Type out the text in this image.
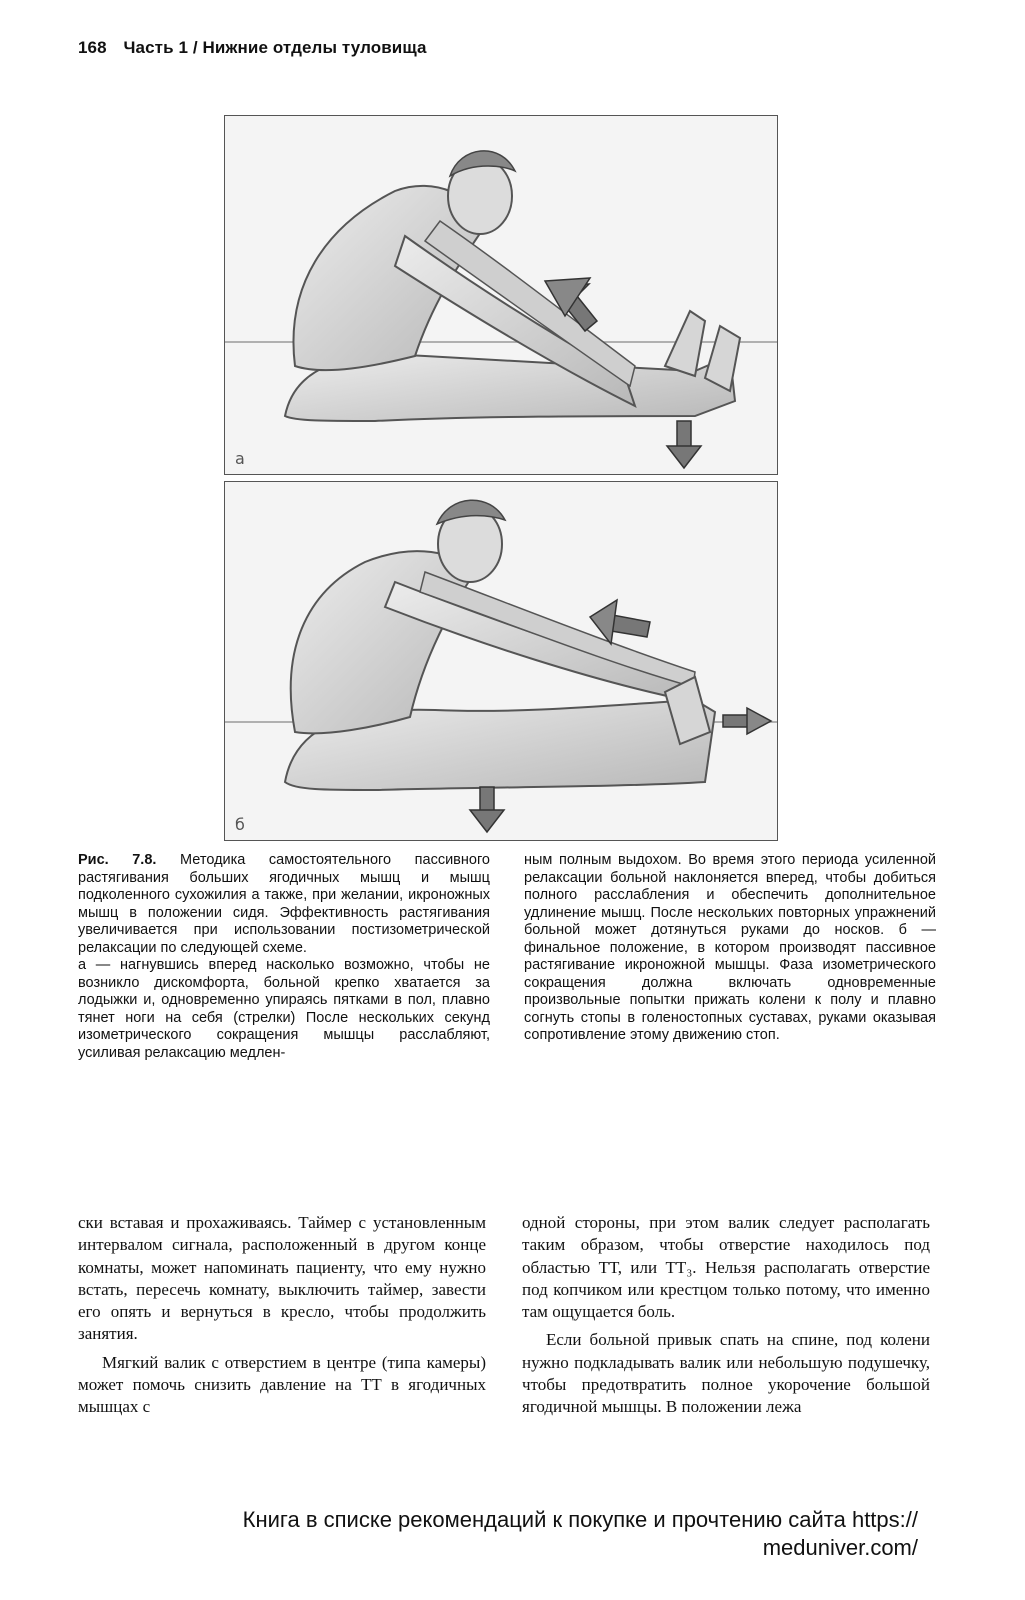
168 Часть 1 / Нижние отделы туловища
а
б

Рис. 7.8. Методика самостоятельного пассивного растягивания больших ягодичных мышц и мышц подколенного сухожилия а также, при желании, икроножных мышц в положении сидя. Эффективность растягивания увеличивается при использовании постизометрической релаксации по следующей схеме.

а — нагнувшись вперед насколько возможно, чтобы не возникло дискомфорта, больной крепко хватается за лодыжки и, одновременно упираясь пятками в пол, плавно тянет ноги на себя (стрелки) После нескольких секунд изометрического сокращения мышцы расслабляют, усиливая релаксацию медлен-

ным полным выдохом. Во время этого периода усиленной релаксации больной наклоняется вперед, чтобы добиться полного расслабления и обеспечить дополнительное удлинение мышц. После нескольких повторных упражнений больной может дотянуться руками до носков. б — финальное положение, в котором производят пассивное растягивание икроножной мышцы. Фаза изометрического сокращения должна включать одновременные произвольные попытки прижать колени к полу и плавно согнуть стопы в голеностопных суставах, руками оказывая сопротивление этому движению стоп.

ски вставая и прохаживаясь. Таймер с установленным интервалом сигнала, расположенный в другом конце комнаты, может напоминать пациенту, что ему нужно встать, пересечь комнату, выключить таймер, завести его опять и вернуться в кресло, чтобы продолжить занятия.

Мягкий валик с отверстием в центре (типа камеры) может помочь снизить давление на ТТ в ягодичных мышцах с

одной стороны, при этом валик следует располагать таким образом, чтобы отверстие находилось под областью ТТ, или ТТ₃. Нельзя располагать отверстие под копчиком или крестцом только потому, что именно там ощущается боль.

Если больной привык спать на спине, под колени нужно подкладывать валик или небольшую подушечку, чтобы предотвратить полное укорочение большой ягодичной мышцы. В положении лежа

Книга в списке рекомендаций к покупке и прочтению сайта https://
meduniver.com/
